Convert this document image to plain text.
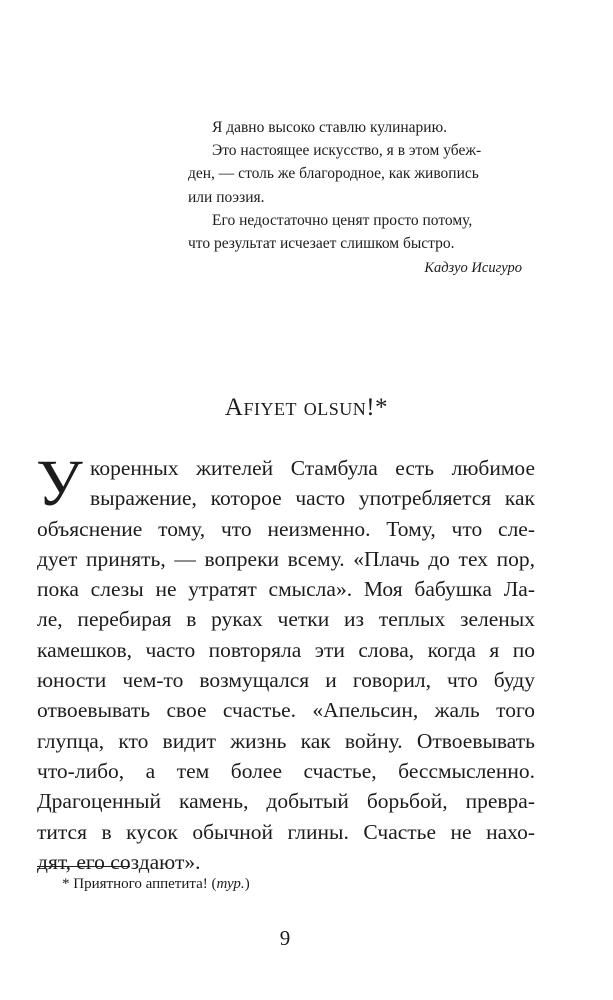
Я давно высоко ставлю кулинарию.
Это настоящее искусство, я в этом убеж-
ден, — столь же благородное, как живопись
или поэзия.
Его недостаточно ценят просто потому,
что результат исчезает слишком быстро.
Кадзуо Исигуро
Afiyet olsun!*
У коренных жителей Стамбула есть любимое
выражение, которое часто употребляется как
объяснение тому, что неизменно. Тому, что сле-
дует принять, — вопреки всему. «Плачь до тех пор,
пока слезы не утратят смысла». Моя бабушка Ла-
ле, перебирая в руках четки из теплых зеленых
камешков, часто повторяла эти слова, когда я по
юности чем-то возмущался и говорил, что буду
отвоевывать свое счастье. «Апельсин, жаль того
глупца, кто видит жизнь как войну. Отвоевывать
что-либо, а тем более счастье, бессмысленно.
Драгоценный камень, добытый борьбой, превра-
тится в кусок обычной глины. Счастье не нахо-
дят, его создают».
* Приятного аппетита! (тур.)
9
